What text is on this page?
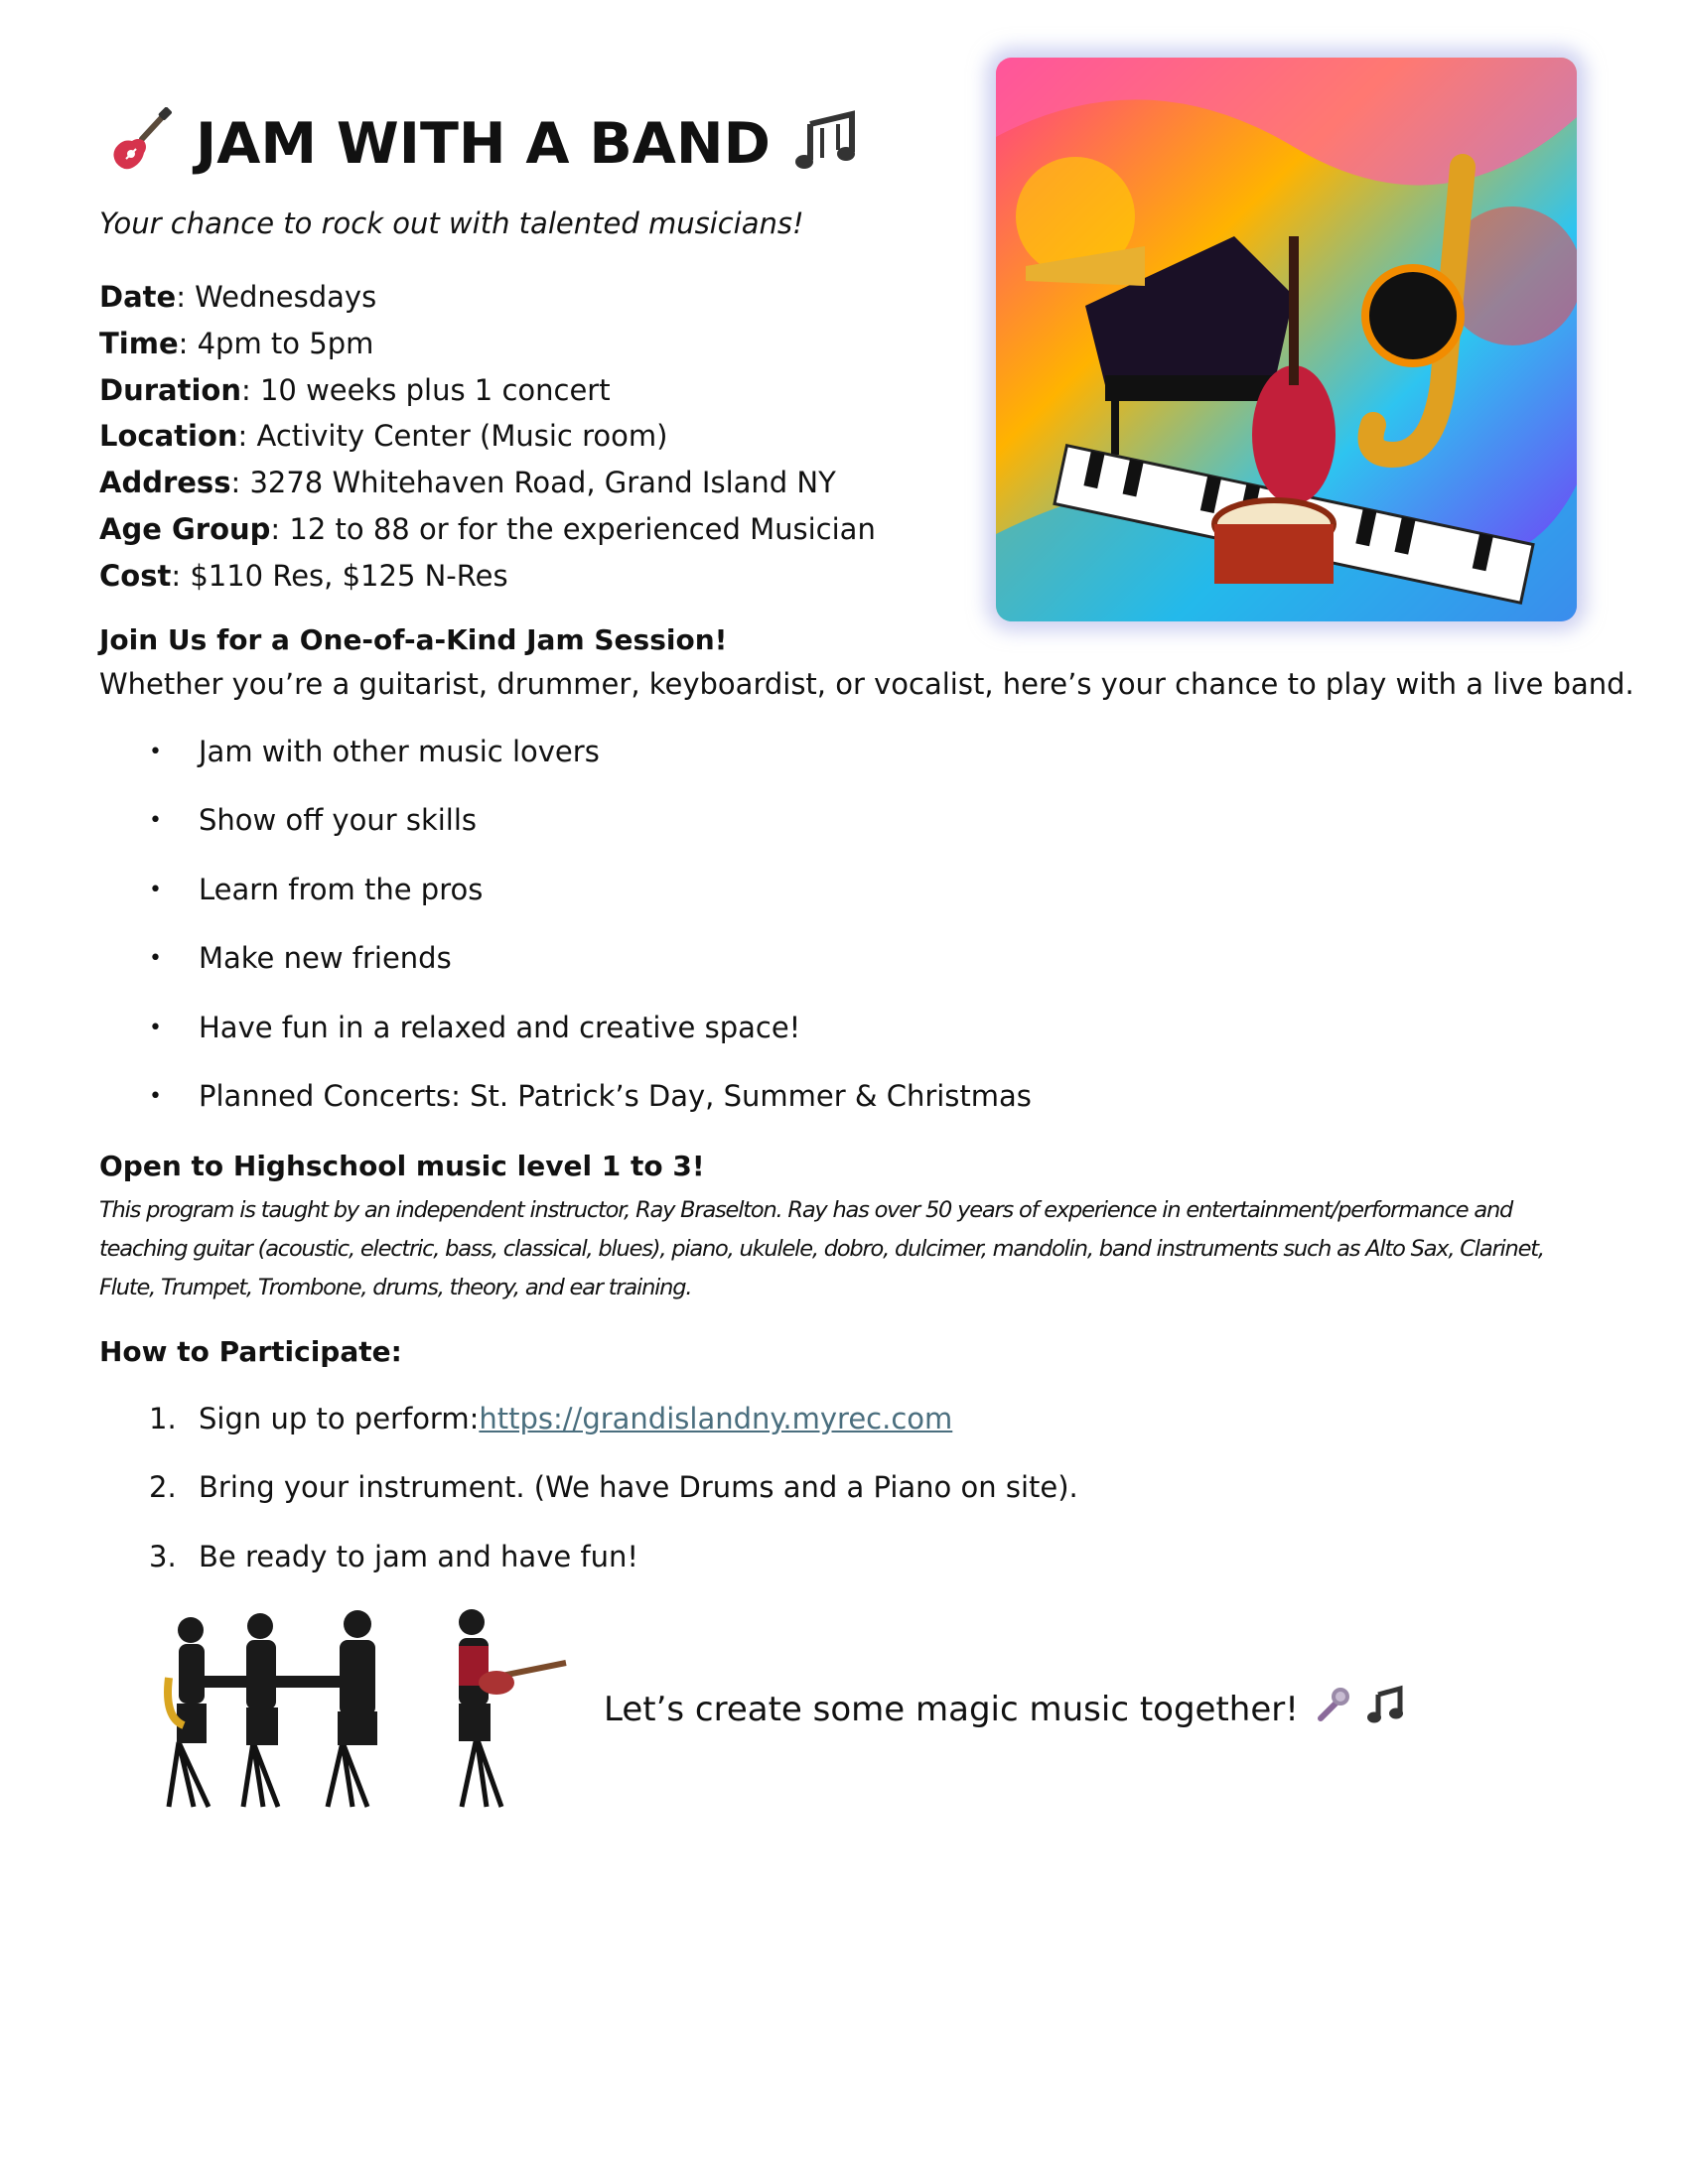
JAM WITH A BAND
Your chance to rock out with talented musicians!
Date: Wednesdays
Time: 4pm to 5pm
Duration: 10 weeks plus 1 concert
Location: Activity Center (Music room)
Address: 3278 Whitehaven Road, Grand Island NY
Age Group: 12 to 88 or for the experienced Musician
Cost: $110 Res, $125 N-Res
Join Us for a One-of-a-Kind Jam Session!
Whether you’re a guitarist, drummer, keyboardist, or vocalist, here’s your chance to play with a live band.
•	Jam with other music lovers
•	Show off your skills
•	Learn from the pros
•	Make new friends
•	Have fun in a relaxed and creative space!
•	Planned Concerts: St. Patrick’s Day, Summer & Christmas
Open to Highschool music level 1 to 3!
This program is taught by an independent instructor, Ray Braselton. Ray has over 50 years of experience in entertainment/performance and teaching guitar (acoustic, electric, bass, classical, blues), piano, ukulele, dobro, dulcimer, mandolin, band instruments such as Alto Sax, Clarinet, Flute, Trumpet, Trombone, drums, theory, and ear training.
How to Participate:
1. Sign up to perform: https://grandislandny.myrec.com
2. Bring your instrument. (We have Drums and a Piano on site).
3. Be ready to jam and have fun!
Let’s create some magic music together!
